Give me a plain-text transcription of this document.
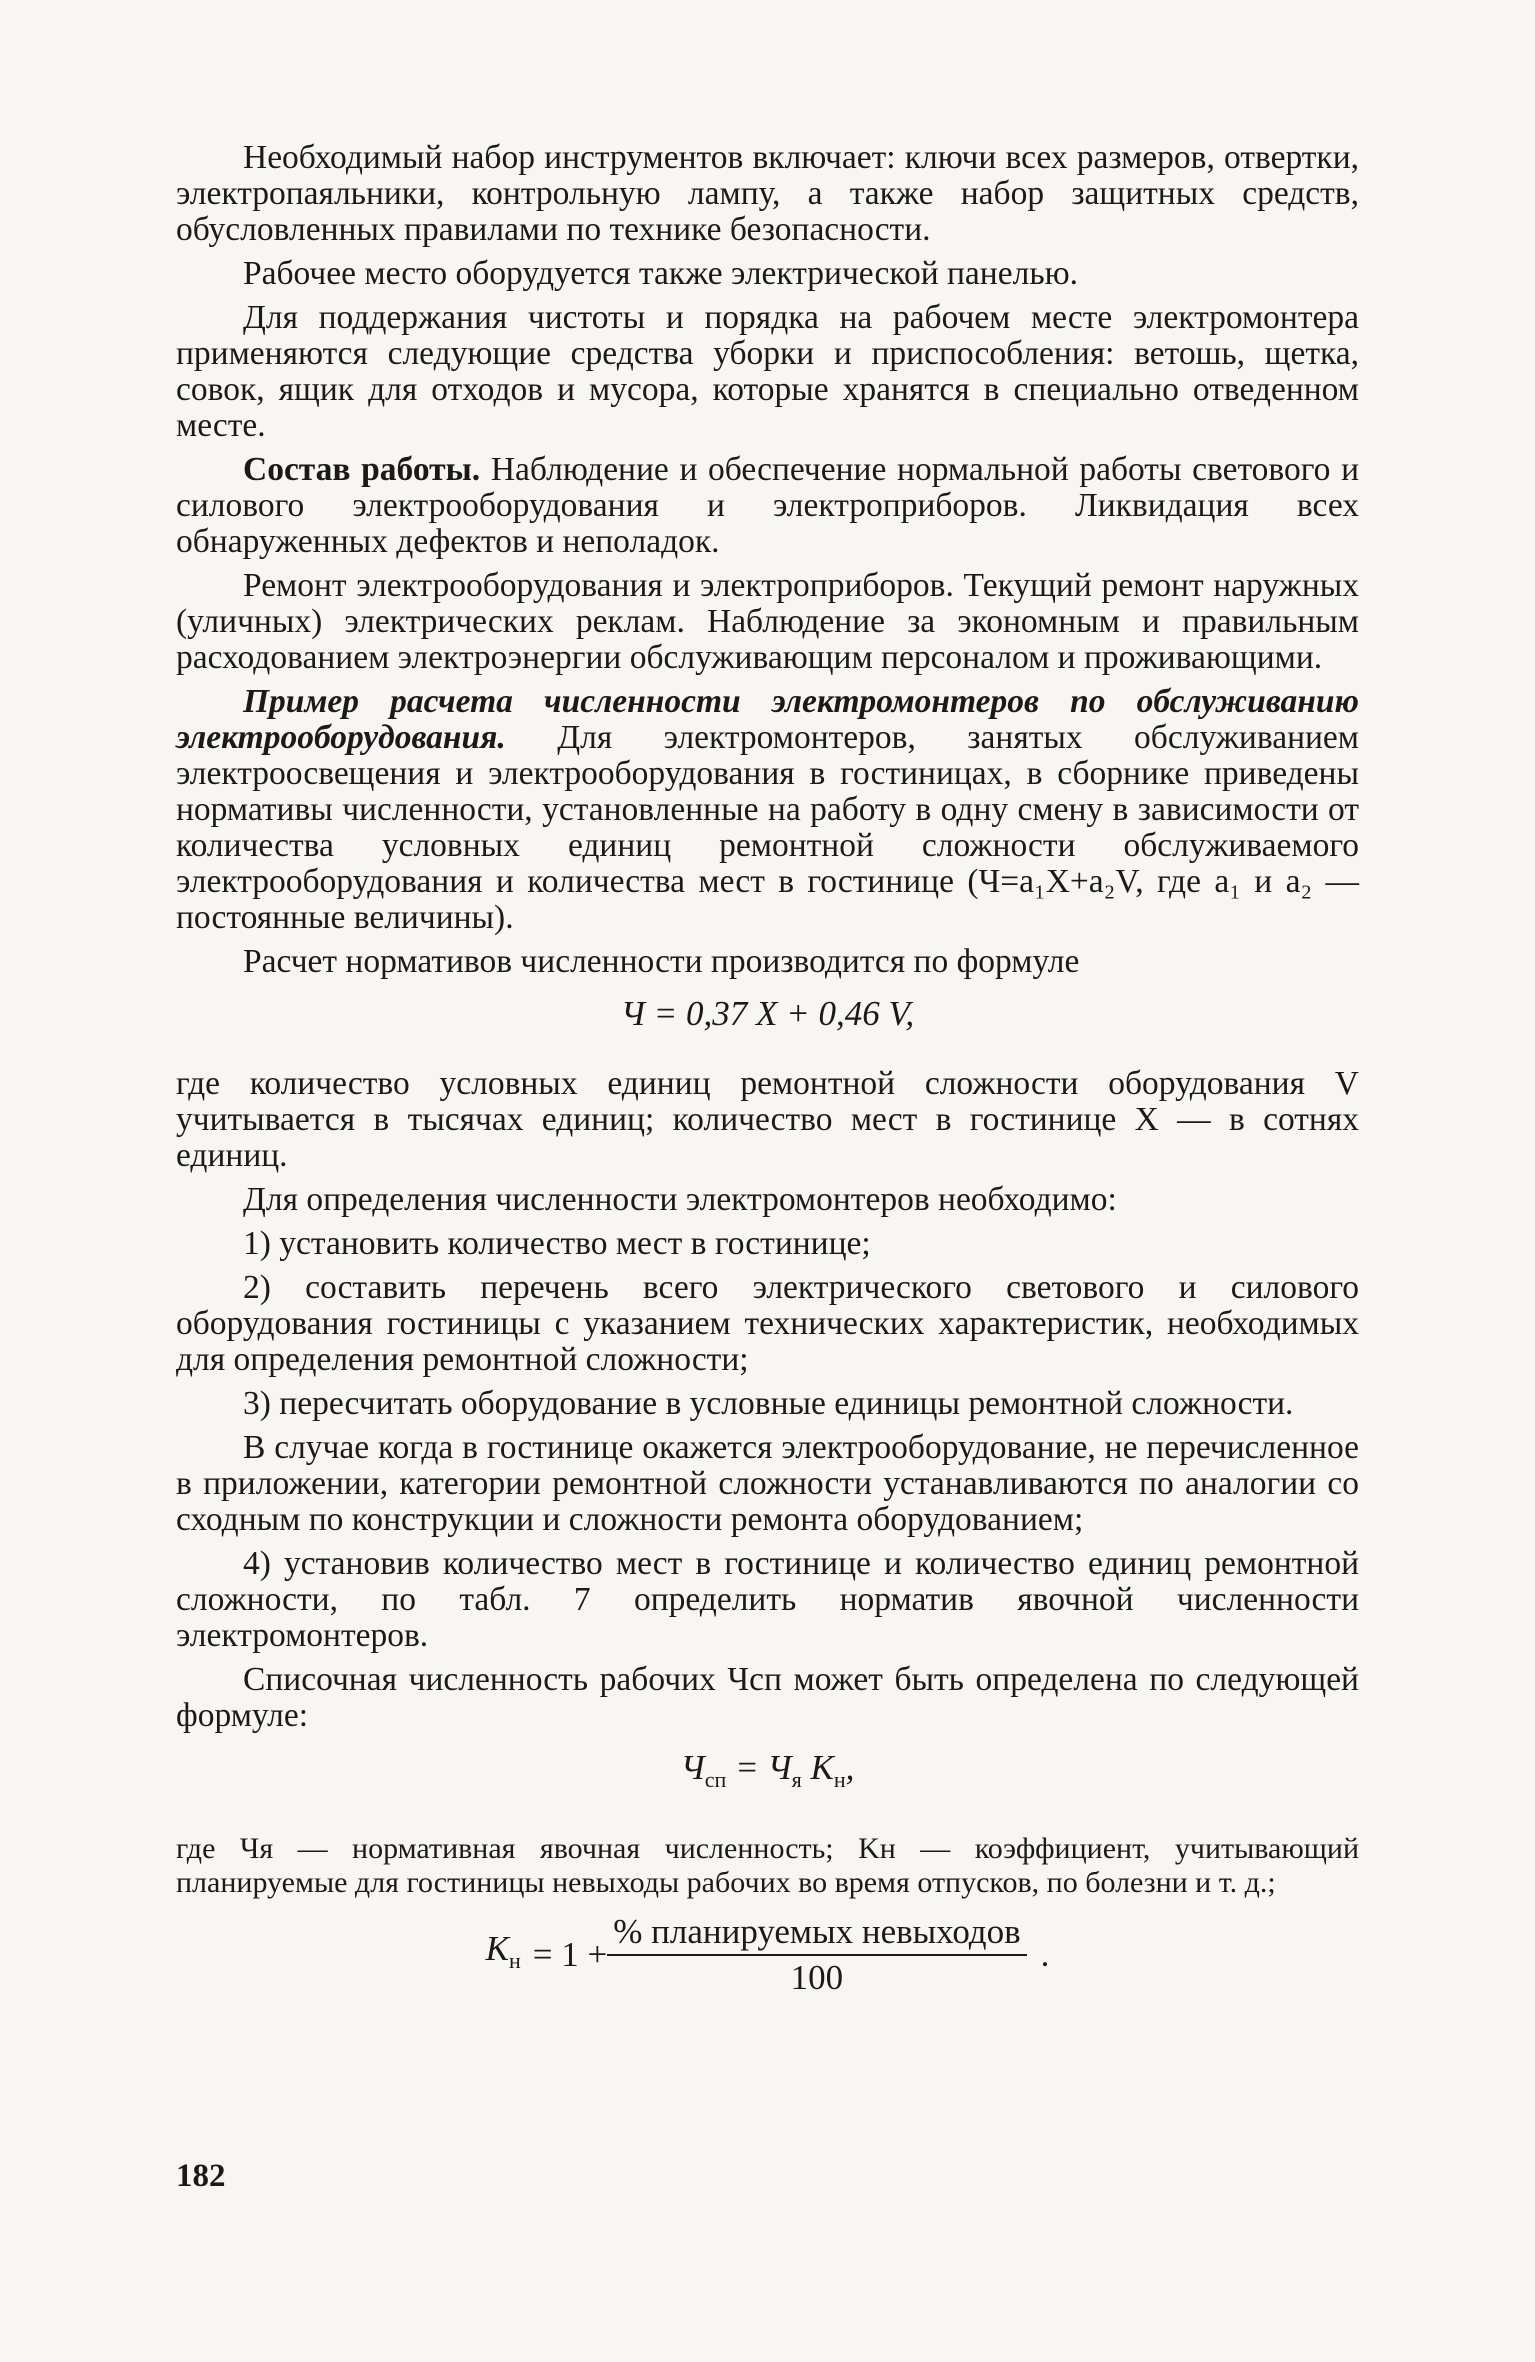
Необходимый набор инструментов включает: ключи всех размеров, отвертки, электропаяльники, контрольную лампу, а также набор защитных средств, обусловленных правилами по технике безопасности.

Рабочее место оборудуется также электрической панелью.

Для поддержания чистоты и порядка на рабочем месте электромонтера применяются следующие средства уборки и приспособления: ветошь, щетка, совок, ящик для отходов и мусора, которые хранятся в специально отведенном месте.

Состав работы. Наблюдение и обеспечение нормальной работы светового и силового электрооборудования и электроприборов. Ликвидация всех обнаруженных дефектов и неполадок.

Ремонт электрооборудования и электроприборов. Текущий ремонт наружных (уличных) электрических реклам. Наблюдение за экономным и правильным расходованием электроэнергии обслуживающим персоналом и проживающими.

Пример расчета численности электромонтеров по обслуживанию электрооборудования. Для электромонтеров, занятых обслуживанием электроосвещения и электрооборудования в гостиницах, в сборнике приведены нормативы численности, установленные на работу в одну смену в зависимости от количества условных единиц ремонтной сложности обслуживаемого электрооборудования и количества мест в гостинице (Ч=a₁X+a₂V, где a₁ и a₂ — постоянные величины).

Расчет нормативов численности производится по формуле

Ч = 0,37 X + 0,46 V,

где количество условных единиц ремонтной сложности оборудования V учитывается в тысячах единиц; количество мест в гостинице X — в сотнях единиц.

Для определения численности электромонтеров необходимо:

1) установить количество мест в гостинице;

2) составить перечень всего электрического светового и силового оборудования гостиницы с указанием технических характеристик, необходимых для определения ремонтной сложности;

3) пересчитать оборудование в условные единицы ремонтной сложности.

В случае когда в гостинице окажется электрооборудование, не перечисленное в приложении, категории ремонтной сложности устанавливаются по аналогии со сходным по конструкции и сложности ремонта оборудованием;

4) установив количество мест в гостинице и количество единиц ремонтной сложности, по табл. 7 определить норматив явочной численности электромонтеров.

Списочная численность рабочих Чсп может быть определена по следующей формуле:

$Ч_{сп} = Ч_я$ $K_н$,

где Чя — нормативная явочная численность; Kн — коэффициент, учитывающий планируемые для гостиницы невыходы рабочих во время отпусков, по болезни и т. д.;

$K_н = 1 + \frac{\text{\% планируемых невыходов}}{100}$ .
182
